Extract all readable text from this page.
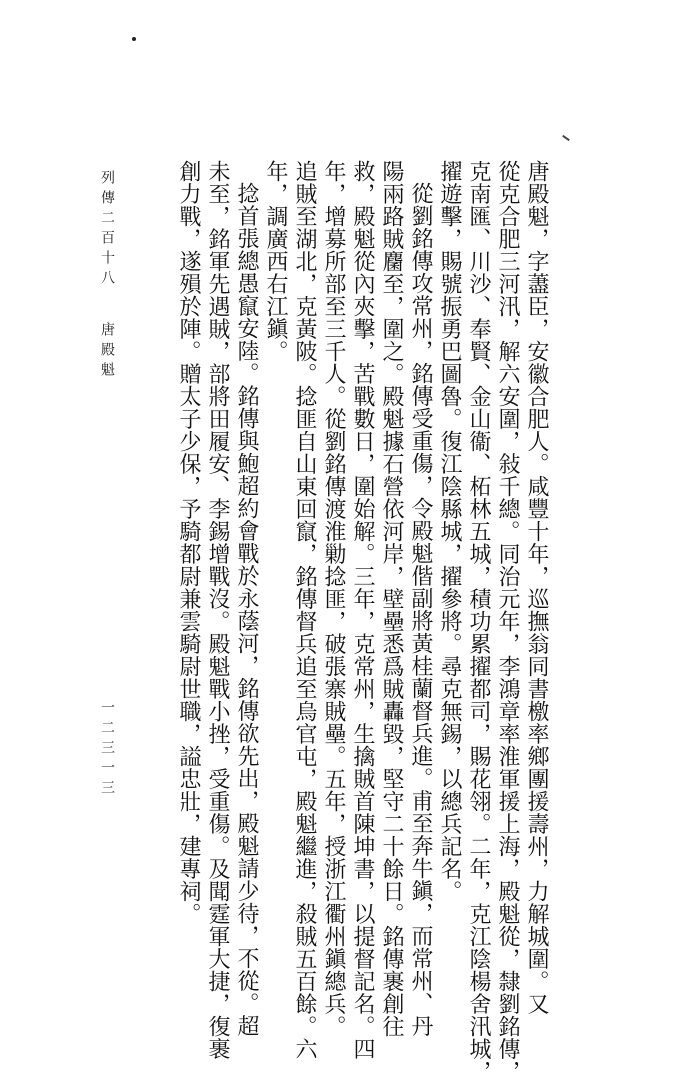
唐殿魁，字藎臣，安徽合肥人。咸豐十年，巡撫翁同書檄率鄉團援壽州，力解城圍。又
從克合肥三河汛，解六安圍，敍千總。同治元年，李鴻章率淮軍援上海，殿魁從，隸劉銘傳，
克南匯、川沙、奉賢、金山衞、柘林五城，積功累擢都司，賜花翎。二年，克江陰楊舍汛城，
擢遊擊，賜號振勇巴圖魯。復江陰縣城，擢參將。尋克無錫，以總兵記名。
從劉銘傳攻常州，銘傳受重傷，令殿魁偕副將黃桂蘭督兵進。甫至奔牛鎭，而常州、丹
陽兩路賊麕至，圍之。殿魁據石營依河岸，壁壘悉爲賊轟毀，堅守二十餘日。銘傳裹創往
救，殿魁從內夾擊，苦戰數日，圍始解。三年，克常州，生擒賊首陳坤書，以提督記名。四
年，增募所部至三千人。從劉銘傳渡淮勦捻匪，破張寨賊壘。五年，授浙江衢州鎭總兵。
追賊至湖北，克黃陂。捻匪自山東回竄，銘傳督兵追至烏官屯，殿魁繼進，殺賊五百餘。六
年，調廣西右江鎭。
捻首張總愚竄安陸。銘傳與鮑超約會戰於永蔭河，銘傳欲先出，殿魁請少待，不從。超
未至，銘軍先遇賊，部將田履安、李錫增戰沒。殿魁戰小挫，受重傷。及聞霆軍大捷，復裹
創力戰，遂殞於陣。贈太子少保，予騎都尉兼雲騎尉世職，謚忠壯，建專祠。
列傳二百十八
唐殿魁
一二三一三
